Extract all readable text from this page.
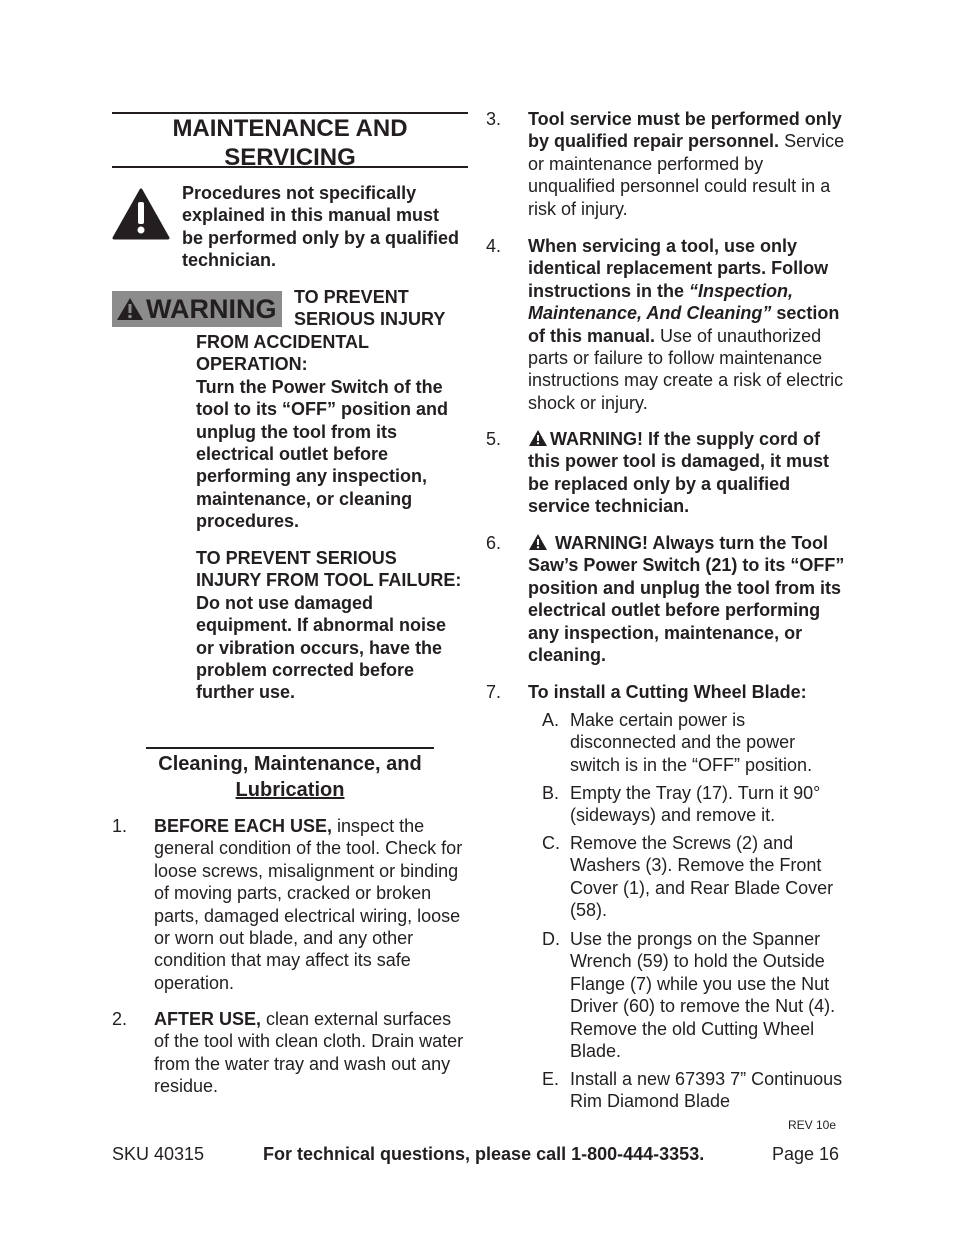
MAINTENANCE AND
SERVICING
Procedures not specifically explained in this manual must be performed only by a qualified technician.
WARNING TO PREVENT SERIOUS INJURY
FROM ACCIDENTAL OPERATION:
Turn the Power Switch of the tool to its “OFF” position and unplug the tool from its electrical outlet before performing any inspection, maintenance, or cleaning procedures.
TO PREVENT SERIOUS INJURY FROM TOOL FAILURE:
Do not use damaged equipment. If abnormal noise or vibration occurs, have the problem corrected before further use.
Cleaning, Maintenance, and
Lubrication
1.	BEFORE EACH USE, inspect the general condition of the tool. Check for loose screws, misalignment or binding of moving parts, cracked or broken parts, damaged electrical wiring, loose or worn out blade, and any other condition that may affect its safe operation.
2.	AFTER USE, clean external surfaces of the tool with clean cloth. Drain water from the water tray and wash out any residue.
3. Tool service must be performed only by qualified repair personnel. Service or maintenance performed by unqualified personnel could result in a risk of injury.
4. When servicing a tool, use only identical replacement parts. Follow instructions in the “Inspection, Maintenance, And Cleaning” section of this manual. Use of unauthorized parts or failure to follow maintenance instructions may create a risk of electric shock or injury.
5.	WARNING! If the supply cord of this power tool is damaged, it must be replaced only by a qualified service technician.
6.	WARNING! Always turn the Tool Saw’s Power Switch (21) to its “OFF” position and unplug the tool from its electrical outlet before performing any inspection, maintenance, or cleaning.
7. To install a Cutting Wheel Blade:
A. Make certain power is disconnected and the power switch is in the “OFF” position.
B. Empty the Tray (17). Turn it 90° (sideways) and remove it.
C. Remove the Screws (2) and Washers (3). Remove the Front Cover (1), and Rear Blade Cover (58).
D. Use the prongs on the Spanner Wrench (59) to hold the Outside Flange (7) while you use the Nut Driver (60) to remove the Nut (4). Remove the old Cutting Wheel Blade.
E. Install a new 67393 7” Continuous Rim Diamond Blade
REV 10e
SKU 40315	For technical questions, please call 1-800-444-3353.	Page 16
